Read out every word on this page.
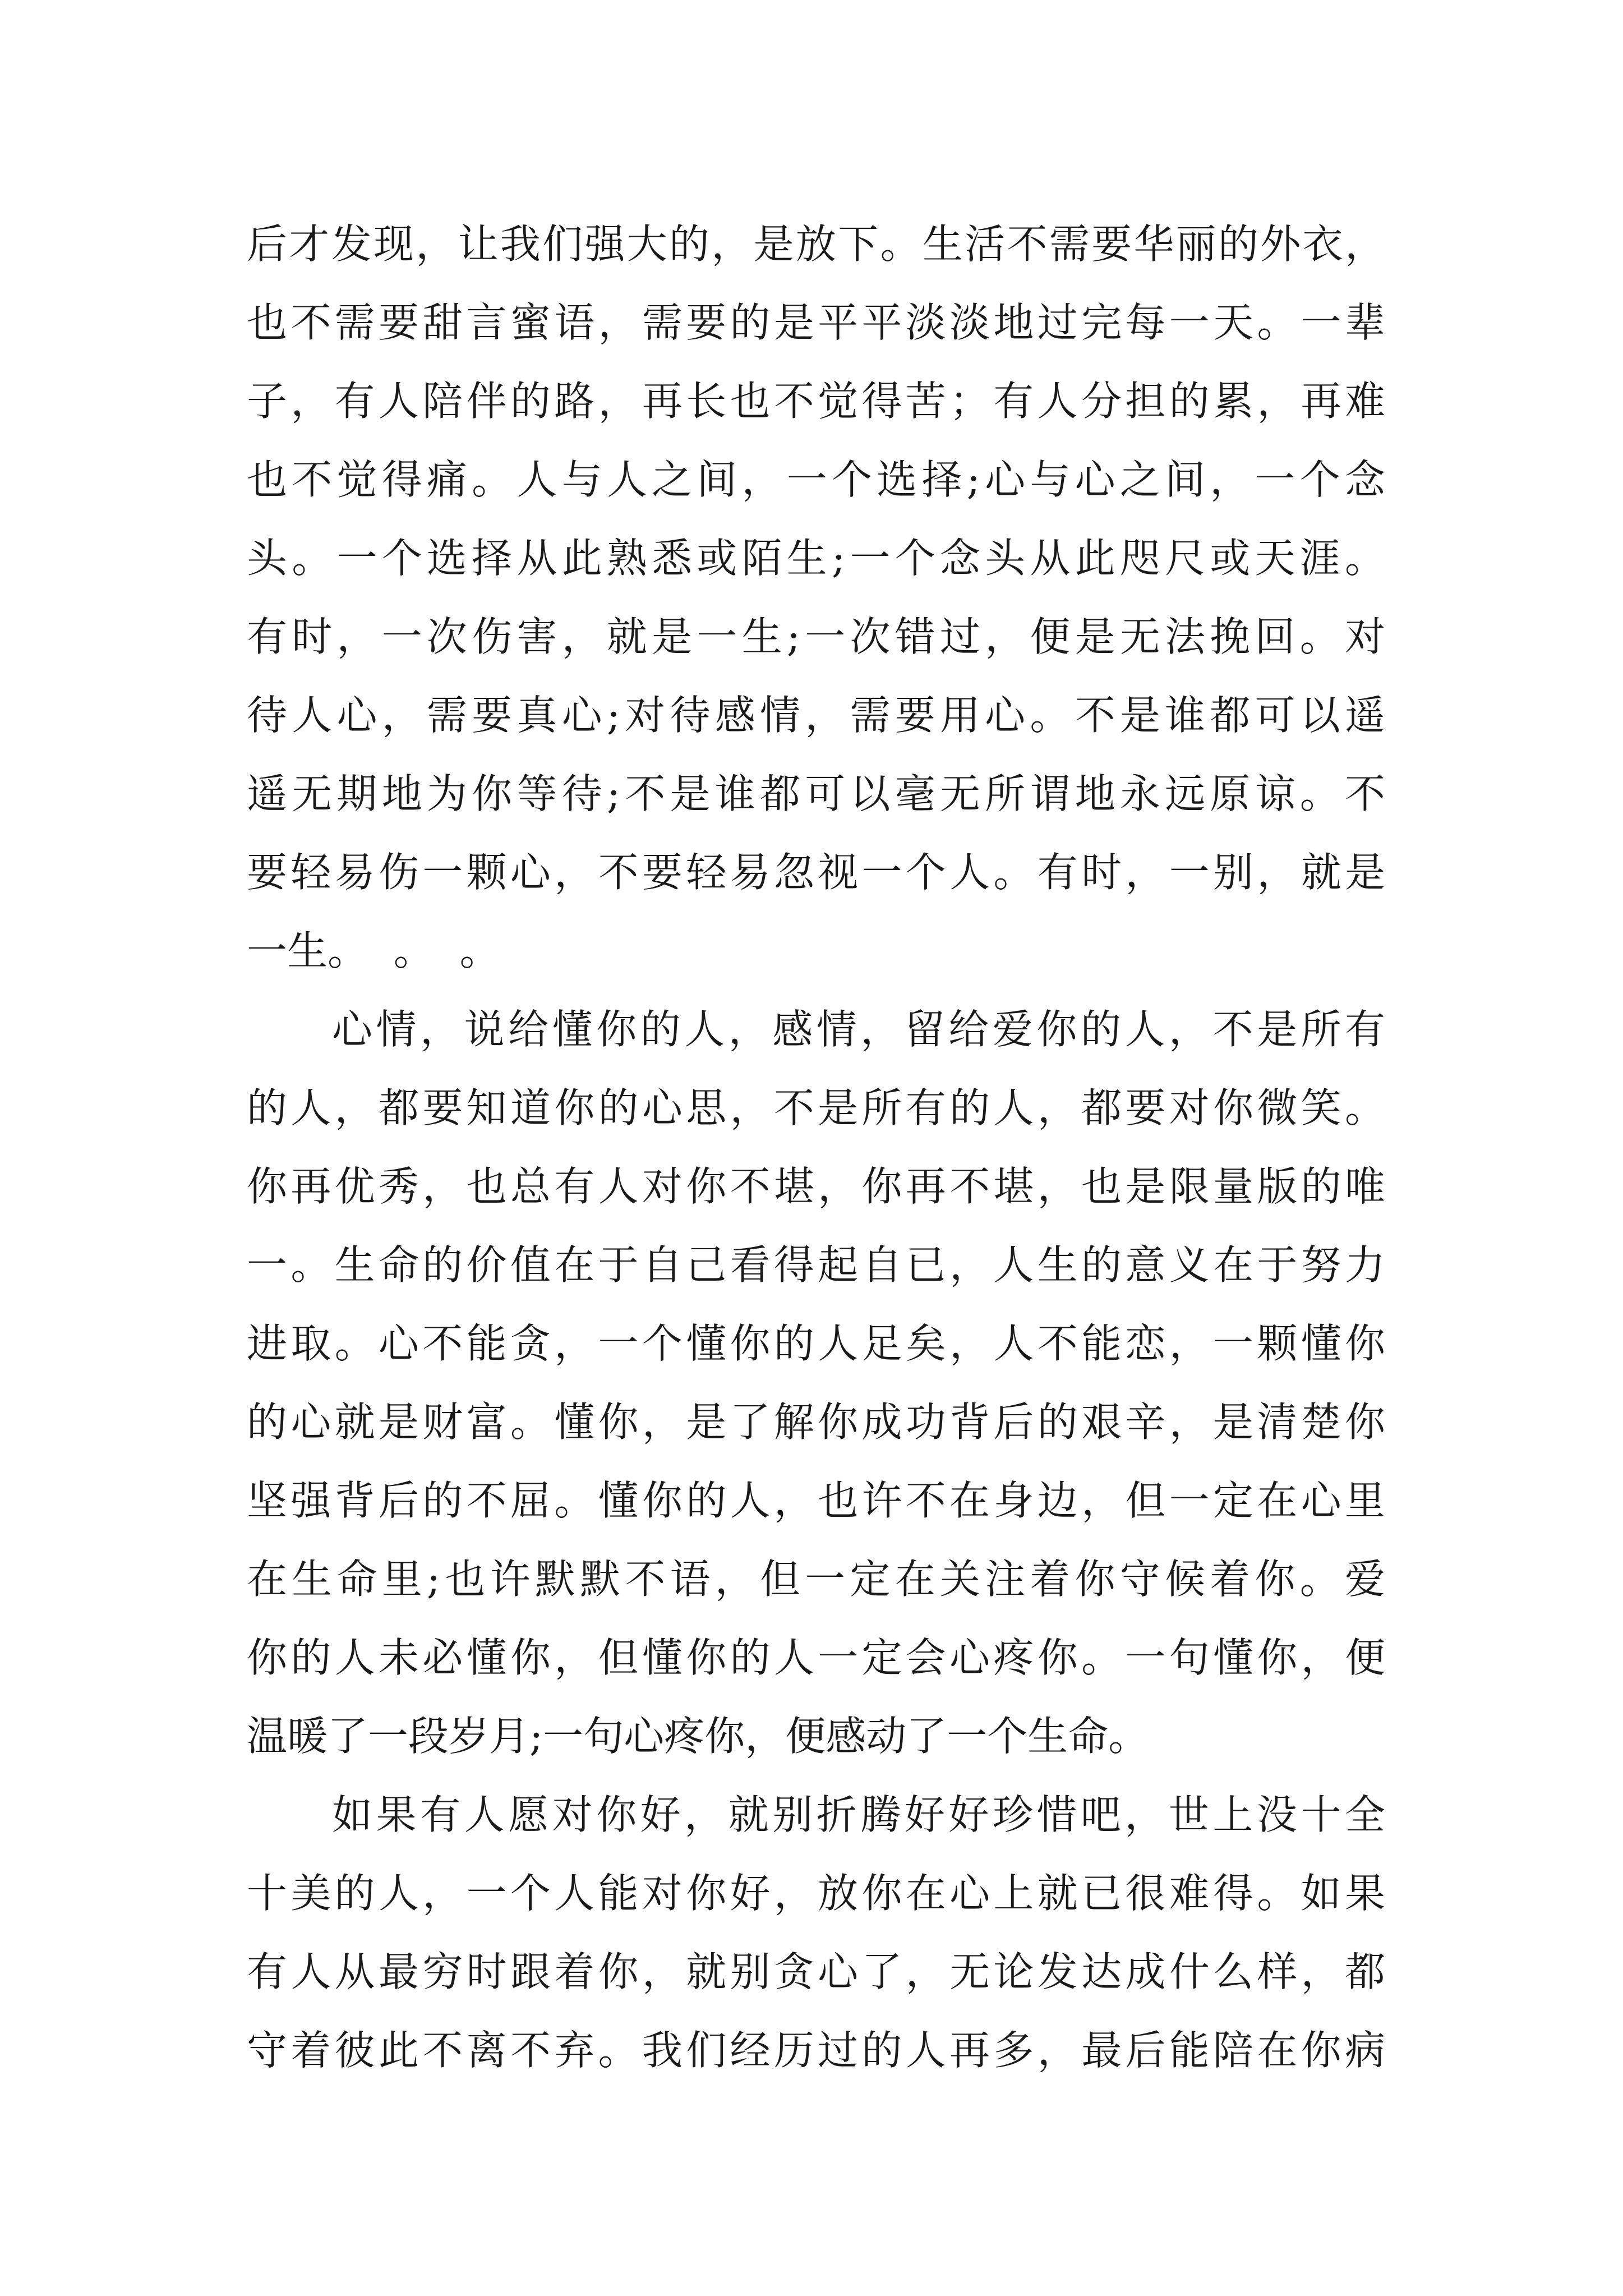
后才发现，让我们强大的，是放下。生活不需要华丽的外衣，
也不需要甜言蜜语，需要的是平平淡淡地过完每一天。一辈
子，有人陪伴的路，再长也不觉得苦；有人分担的累，再难
也不觉得痛。人与人之间，一个选择;心与心之间，一个念
头。一个选择从此熟悉或陌生;一个念头从此咫尺或天涯。
有时，一次伤害，就是一生;一次错过，便是无法挽回。对
待人心，需要真心;对待感情，需要用心。不是谁都可以遥
遥无期地为你等待;不是谁都可以毫无所谓地永远原谅。不
要轻易伤一颗心，不要轻易忽视一个人。有时，一别，就是
一生。  。  。
心情，说给懂你的人，感情，留给爱你的人，不是所有
的人，都要知道你的心思，不是所有的人，都要对你微笑。
你再优秀，也总有人对你不堪，你再不堪，也是限量版的唯
一。生命的价值在于自己看得起自已，人生的意义在于努力
进取。心不能贪，一个懂你的人足矣，人不能恋，一颗懂你
的心就是财富。懂你，是了解你成功背后的艰辛，是清楚你
坚强背后的不屈。懂你的人，也许不在身边，但一定在心里
在生命里;也许默默不语，但一定在关注着你守候着你。爱
你的人未必懂你，但懂你的人一定会心疼你。一句懂你，便
温暖了一段岁月;一句心疼你，便感动了一个生命。
如果有人愿对你好，就别折腾好好珍惜吧，世上没十全
十美的人，一个人能对你好，放你在心上就已很难得。如果
有人从最穷时跟着你，就别贪心了，无论发达成什么样，都
守着彼此不离不弃。我们经历过的人再多，最后能陪在你病
